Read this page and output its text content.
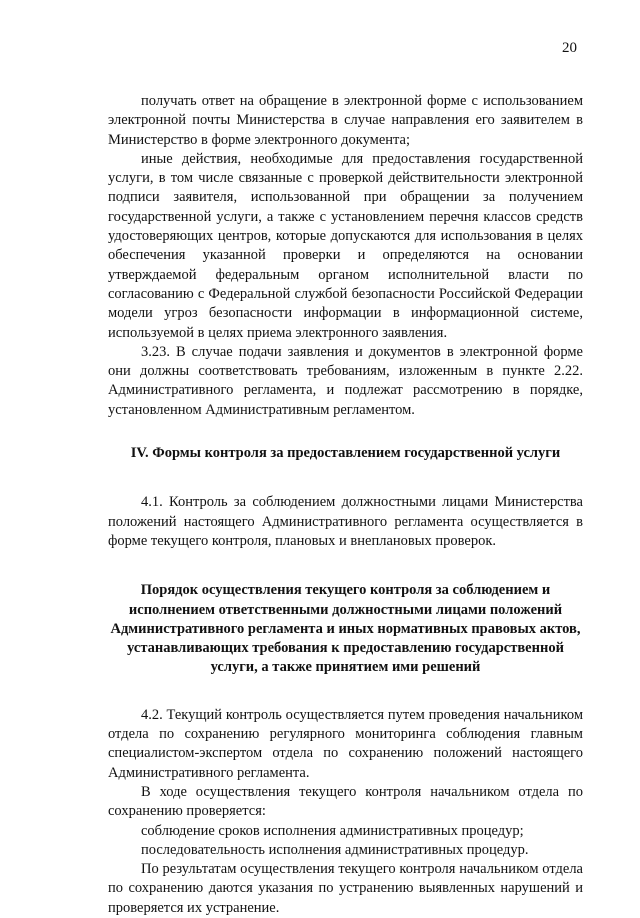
20

получать ответ на обращение в электронной форме с использованием электронной почты Министерства в случае направления его заявителем в Министерство в форме электронного документа;

иные действия, необходимые для предоставления государственной услуги, в том числе связанные с проверкой действительности электронной подписи заявителя, использованной при обращении за получением государственной услуги, а также с установлением перечня классов средств удостоверяющих центров, которые допускаются для использования в целях обеспечения указанной проверки и определяются на основании утверждаемой федеральным органом исполнительной власти по согласованию с Федеральной службой безопасности Российской Федерации модели угроз безопасности информации в информационной системе, используемой в целях приема электронного заявления.

3.23. В случае подачи заявления и документов в электронной форме они должны соответствовать требованиям, изложенным в пункте 2.22. Административного регламента, и подлежат рассмотрению в порядке, установленном Административным регламентом.

IV. Формы контроля за предоставлением государственной услуги

4.1. Контроль за соблюдением должностными лицами Министерства положений настоящего Административного регламента осуществляется в форме текущего контроля, плановых и внеплановых проверок.

Порядок осуществления текущего контроля за соблюдением и исполнением ответственными должностными лицами положений Административного регламента и иных нормативных правовых актов, устанавливающих требования к предоставлению государственной услуги, а также принятием ими решений

4.2. Текущий контроль осуществляется путем проведения начальником отдела по сохранению регулярного мониторинга соблюдения главным специалистом-экспертом отдела по сохранению положений настоящего Административного регламента.

В ходе осуществления текущего контроля начальником отдела по сохранению проверяется:

соблюдение сроков исполнения административных процедур;

последовательность исполнения административных процедур.

По результатам осуществления текущего контроля начальником отдела по сохранению даются указания по устранению выявленных нарушений и проверяется их устранение.
